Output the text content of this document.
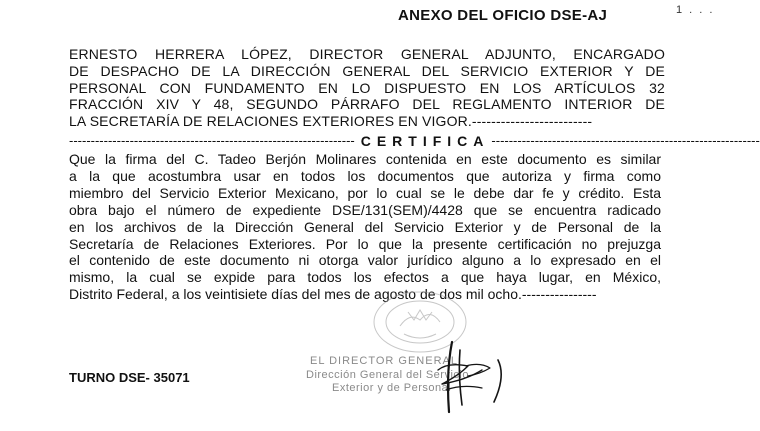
ANEXO DEL OFICIO DSE-AJ	1 . . .
ERNESTO HERRERA LÓPEZ, DIRECTOR GENERAL ADJUNTO, ENCARGADO
DE DESPACHO DE LA DIRECCIÓN GENERAL DEL SERVICIO EXTERIOR Y DE
PERSONAL CON FUNDAMENTO EN LO DISPUESTO EN LOS ARTÍCULOS 32
FRACCIÓN XIV Y 48, SEGUNDO PÁRRAFO DEL REGLAMENTO INTERIOR DE
LA SECRETARÍA DE RELACIONES EXTERIORES EN VIGOR.-------------------------
------------------------------------------------------------------ CERTIFICA --------------------------------------------------------------
Que la firma del C. Tadeo Berjón Molinares contenida en este documento es similar
a la que acostumbra usar en todos los documentos que autoriza y firma como
miembro del Servicio Exterior Mexicano, por lo cual se le debe dar fe y crédito. Esta
obra bajo el número de expediente DSE/131(SEM)/4428 que se encuentra radicado
en los archivos de la Dirección General del Servicio Exterior y de Personal de la
Secretaría de Relaciones Exteriores. Por lo que la presente certificación no prejuzga
el contenido de este documento ni otorga valor jurídico alguno a lo expresado en el
mismo, la cual se expide para todos los efectos a que haya lugar, en México,
Distrito Federal, a los veintisiete días del mes de agosto de dos mil ocho.----------------
EL DIRECTOR GENERAL
Dirección General del Servicio
Exterior y de Personal
TURNO DSE- 35071
